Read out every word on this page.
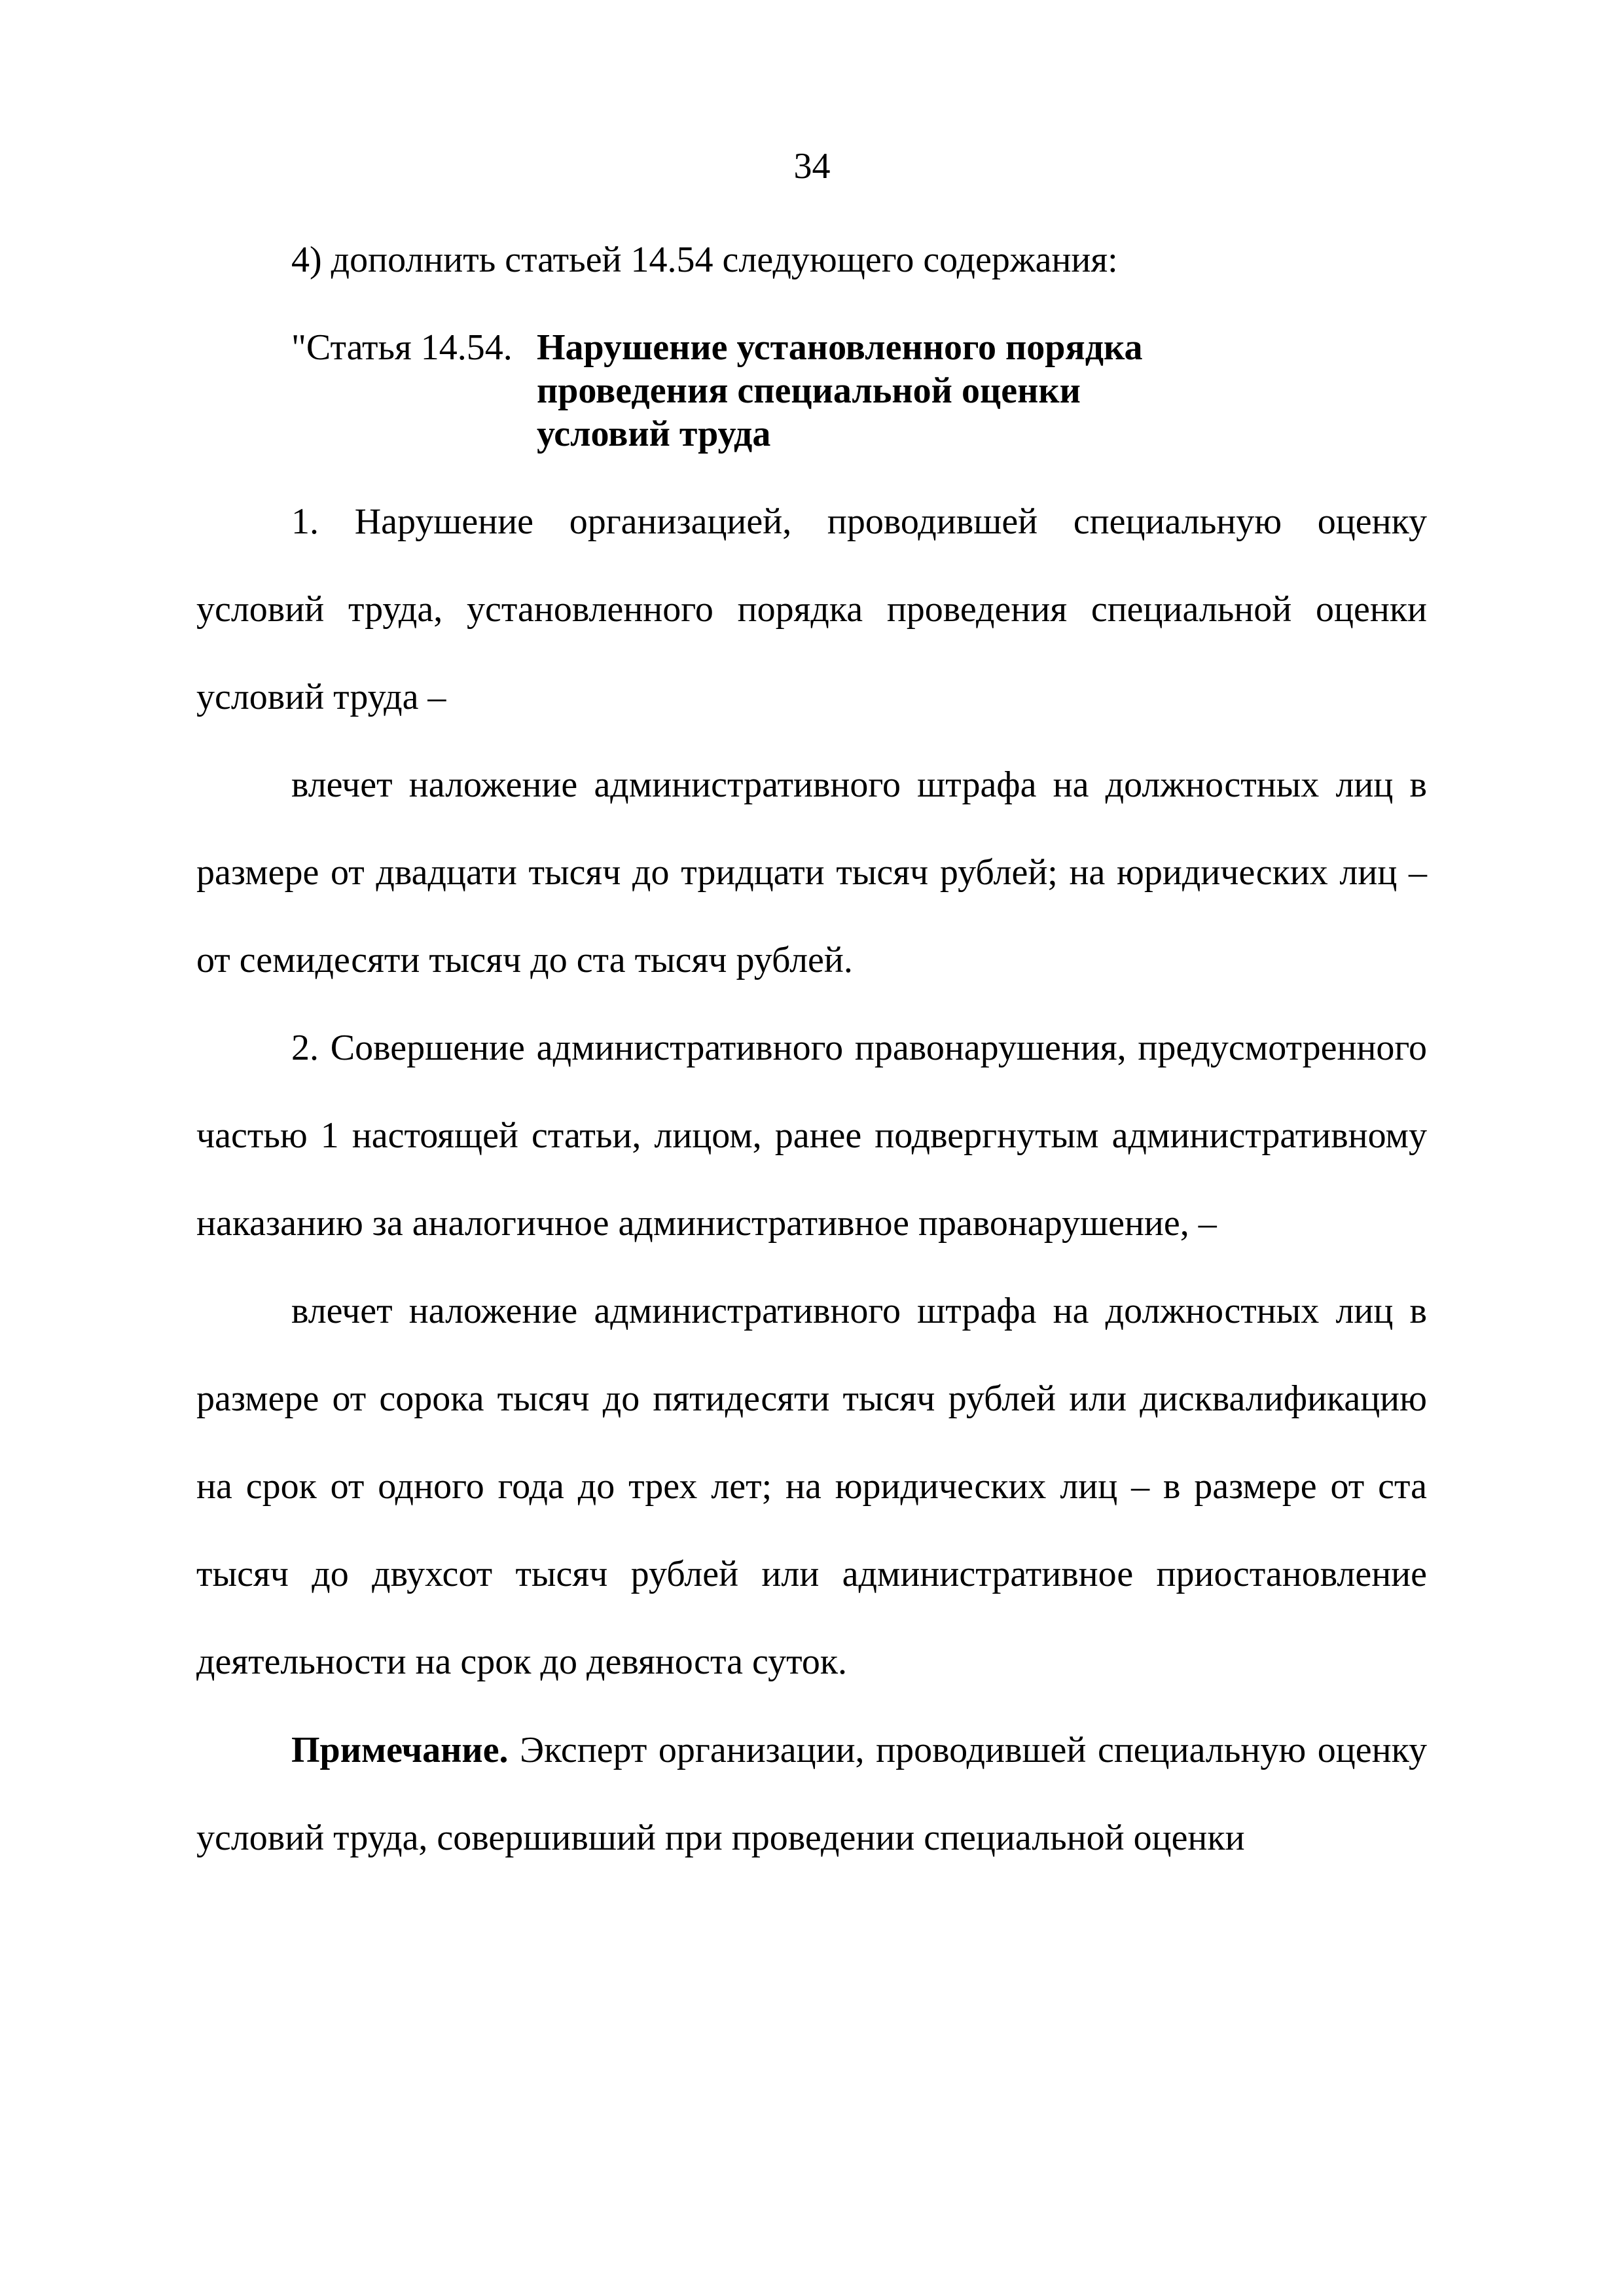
34
4) дополнить статьей 14.54 следующего содержания:
"Статья 14.54. Нарушение установленного порядка
проведения специальной оценки
условий труда

1. Нарушение организацией, проводившей специальную оценку условий труда, установленного порядка проведения специальной оценки условий труда –

влечет наложение административного штрафа на должностных лиц в размере от двадцати тысяч до тридцати тысяч рублей; на юридических лиц – от семидесяти тысяч до ста тысяч рублей.

2. Совершение административного правонарушения, предусмотренного частью 1 настоящей статьи, лицом, ранее подвергнутым административному наказанию за аналогичное административное правонарушение, –

влечет наложение административного штрафа на должностных лиц в размере от сорока тысяч до пятидесяти тысяч рублей или дисквалификацию на срок от одного года до трех лет; на юридических лиц – в размере от ста тысяч до двухсот тысяч рублей или административное приостановление деятельности на срок до девяноста суток.

Примечание. Эксперт организации, проводившей специальную оценку условий труда, совершивший при проведении специальной оценки
